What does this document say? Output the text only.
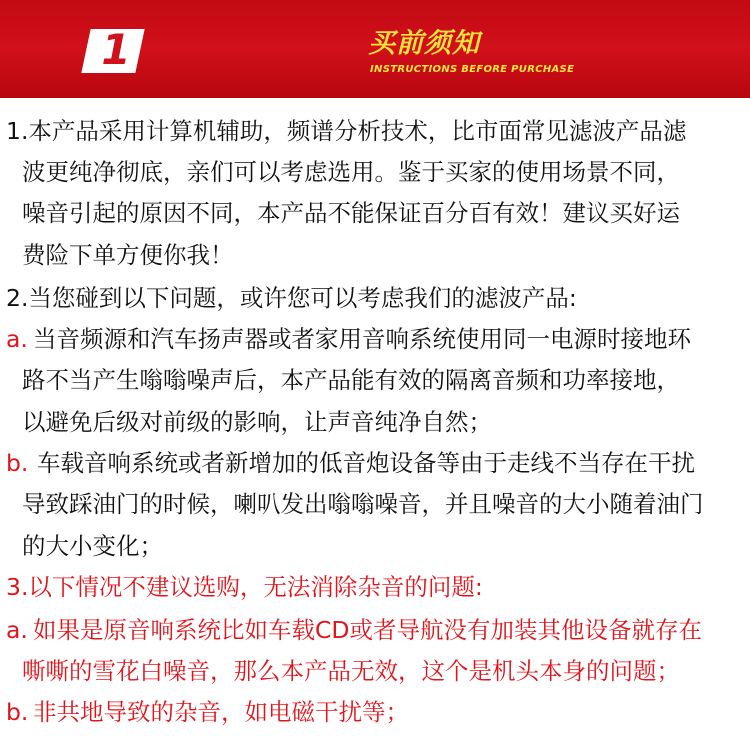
1	买前须知
INSTRUCTIONS BEFORE PURCHASE
1.本产品采用计算机辅助，频谱分析技术，比市面常见滤波产品滤
波更纯净彻底，亲们可以考虑选用。鉴于买家的使用场景不同，
噪音引起的原因不同，本产品不能保证百分百有效！建议买好运
费险下单方便你我！
2.当您碰到以下问题，或许您可以考虑我们的滤波产品:
a. 当音频源和汽车扬声器或者家用音响系统使用同一电源时接地环
路不当产生嗡嗡噪声后，本产品能有效的隔离音频和功率接地，
以避免后级对前级的影响，让声音纯净自然；
b. 车载音响系统或者新增加的低音炮设备等由于走线不当存在干扰
导致踩油门的时候，喇叭发出嗡嗡噪音，并且噪音的大小随着油门
的大小变化；
3.以下情况不建议选购，无法消除杂音的问题:
a. 如果是原音响系统比如车载CD或者导航没有加装其他设备就存在
嘶嘶的雪花白噪音，那么本产品无效，这个是机头本身的问题；
b. 非共地导致的杂音，如电磁干扰等；
